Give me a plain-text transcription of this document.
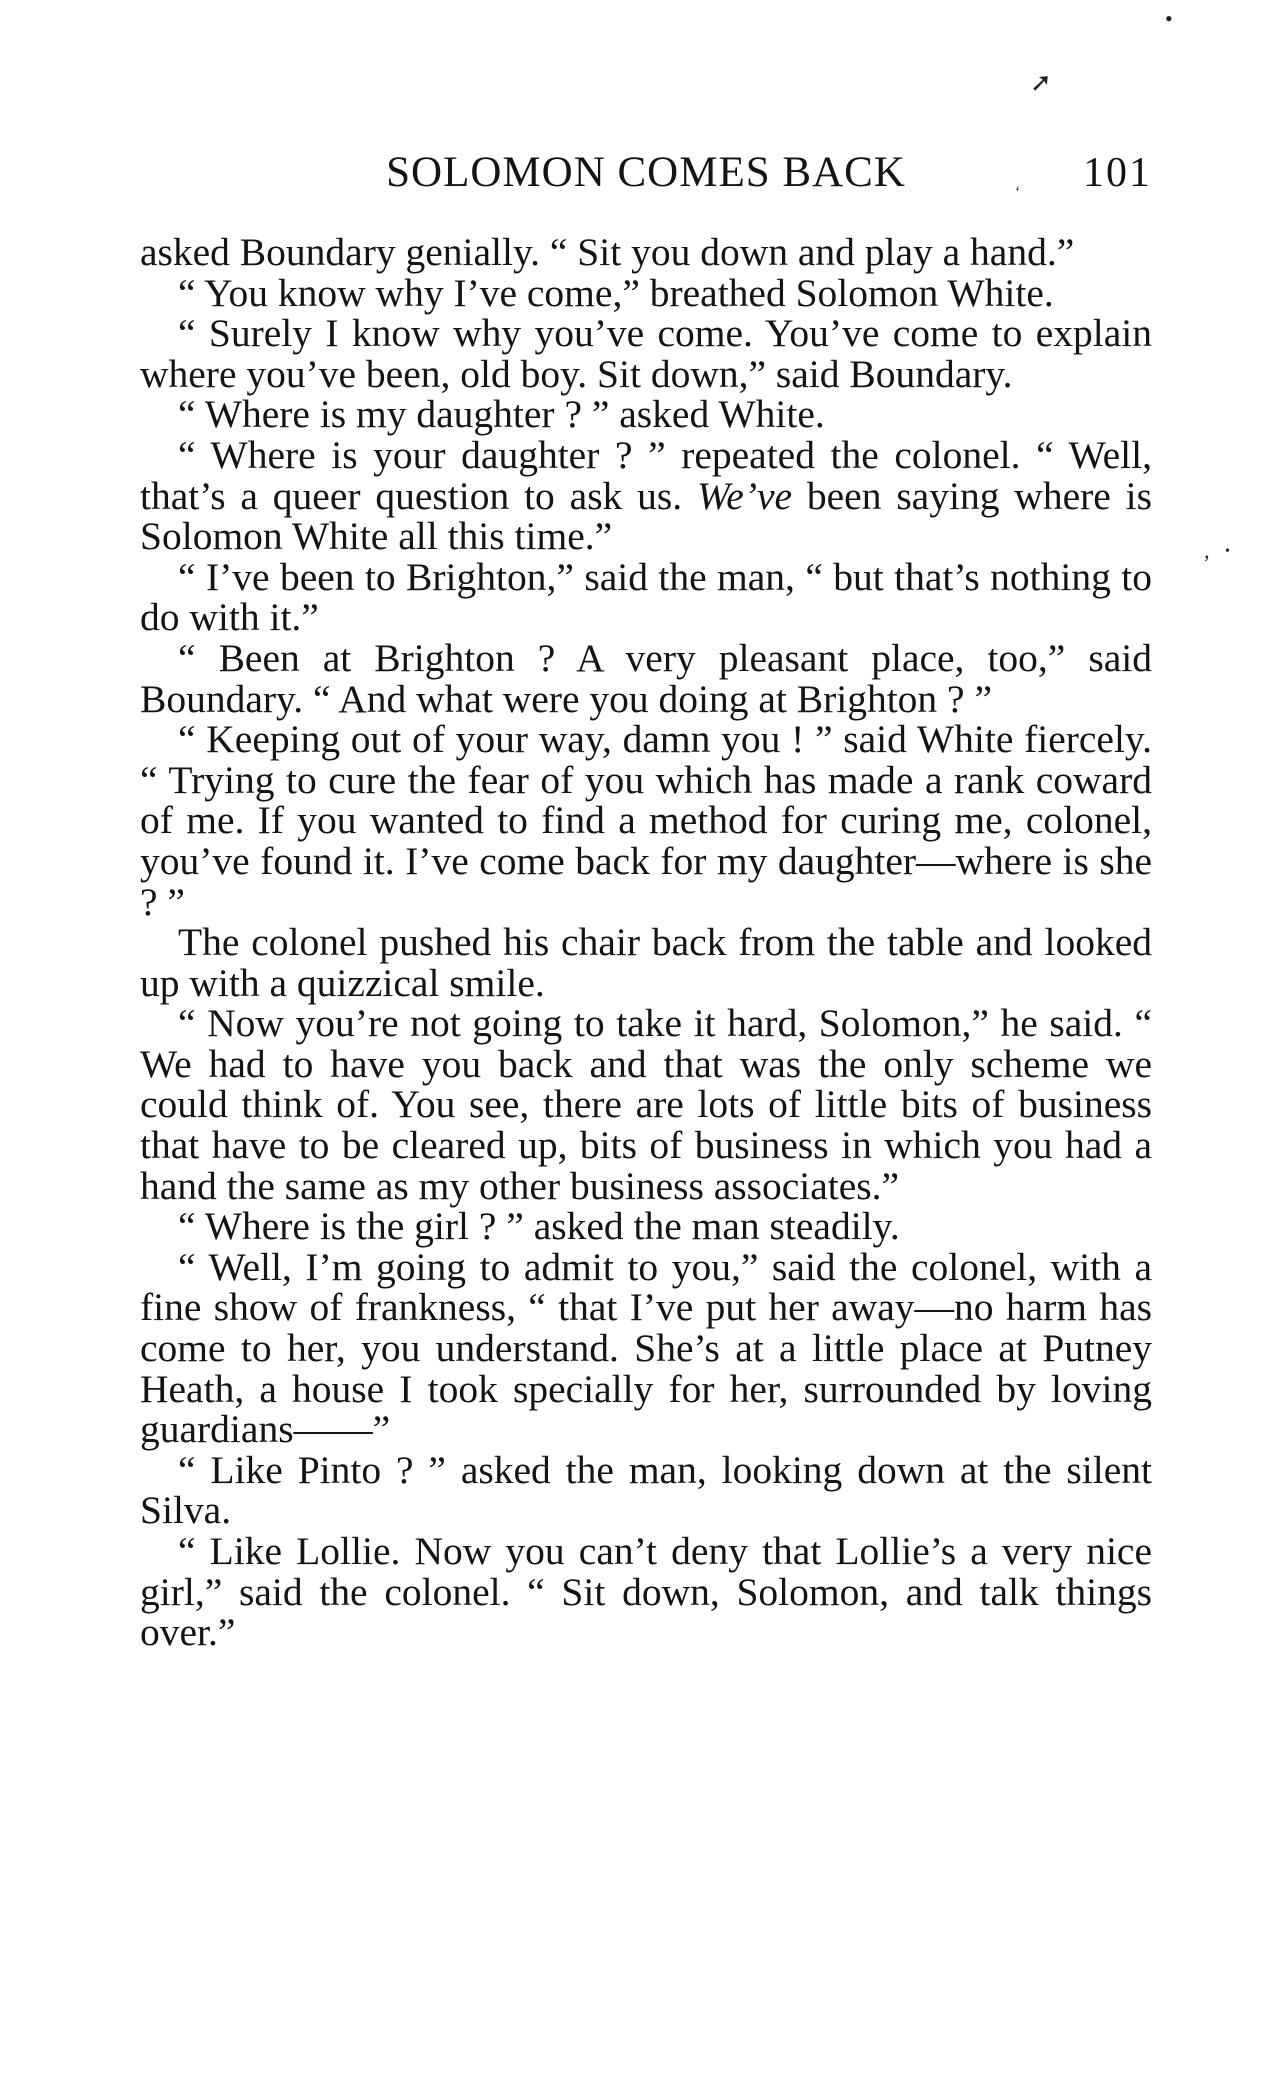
•
➚
‚ •
‘
SOLOMON COMES BACK	101

asked Boundary genially. “ Sit you down and play a hand.”

“ You know why I’ve come,” breathed Solomon White.

“ Surely I know why you’ve come. You’ve come to explain where you’ve been, old boy. Sit down,” said Boundary.

“ Where is my daughter ? ” asked White.

“ Where is your daughter ? ” repeated the colonel. “ Well, that’s a queer question to ask us. We’ve been saying where is Solomon White all this time.”

“ I’ve been to Brighton,” said the man, “ but that’s nothing to do with it.”

“ Been at Brighton ? A very pleasant place, too,” said Boundary. “ And what were you doing at Brighton ? ”

“ Keeping out of your way, damn you ! ” said White fiercely. “ Trying to cure the fear of you which has made a rank coward of me. If you wanted to find a method for curing me, colonel, you’ve found it. I’ve come back for my daughter—where is she ? ”

The colonel pushed his chair back from the table and looked up with a quizzical smile.

“ Now you’re not going to take it hard, Solomon,” he said. “ We had to have you back and that was the only scheme we could think of. You see, there are lots of little bits of business that have to be cleared up, bits of business in which you had a hand the same as my other business associates.”

“ Where is the girl ? ” asked the man steadily.

“ Well, I’m going to admit to you,” said the colonel, with a fine show of frankness, “ that I’ve put her away—no harm has come to her, you understand. She’s at a little place at Putney Heath, a house I took specially for her, surrounded by loving guardians——”

“ Like Pinto ? ” asked the man, looking down at the silent Silva.

“ Like Lollie. Now you can’t deny that Lollie’s a very nice girl,” said the colonel. “ Sit down, Solomon, and talk things over.”
